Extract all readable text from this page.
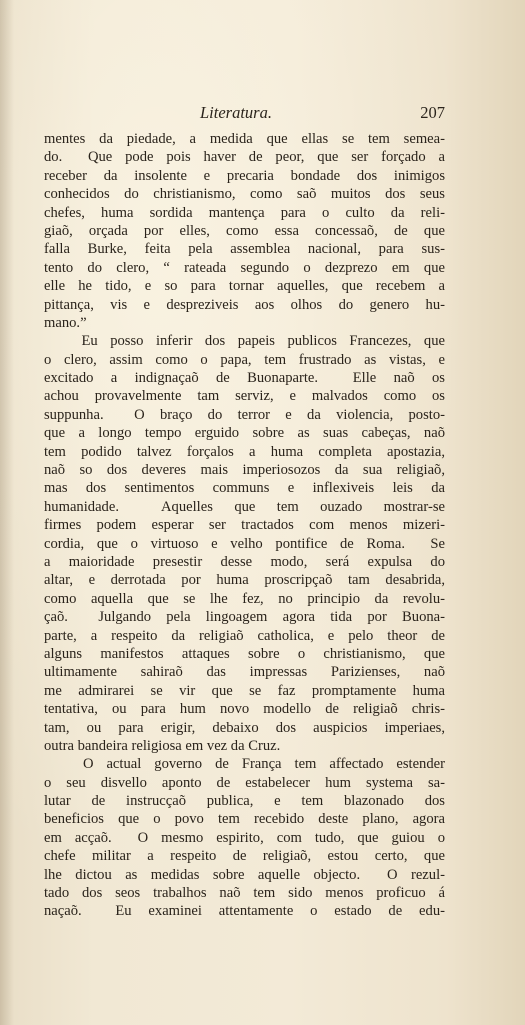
Literatura.	207
mentes da piedade, a medida que ellas se tem semea-
do.  Que pode pois haver de peor, que ser forçado a
receber da insolente e precaria bondade dos inimigos
conhecidos do christianismo, como saõ muitos dos seus
chefes, huma sordida mantença para o culto da reli-
giaõ, orçada por elles, como essa concessaõ, de que
falla Burke, feita pela assemblea nacional, para sus-
tento do clero, “ rateada segundo o dezprezo em que
elle he tido, e so para tornar aquelles, que recebem a
pittança, vis e despreziveis aos olhos do genero hu-
mano.”
Eu posso inferir dos papeis publicos Francezes, que
o clero, assim como o papa, tem frustrado as vistas, e
excitado a indignaçaõ de Buonaparte.  Elle naõ os
achou provavelmente tam serviz, e malvados como os
suppunha.  O braço do terror e da violencia, posto-
que a longo tempo erguido sobre as suas cabeças, naõ
tem podido talvez forçalos a huma completa apostazia,
naõ so dos deveres mais imperiosozos da sua religiaõ,
mas dos sentimentos communs e inflexiveis leis da
humanidade.  Aquelles que tem ouzado mostrar-se
firmes podem esperar ser tractados com menos mizeri-
cordia, que o virtuoso e velho pontifice de Roma.  Se
a maioridade presestir desse modo, será expulsa do
altar, e derrotada por huma proscripçaõ tam desabrida,
como aquella que se lhe fez, no principio da revolu-
çaõ.  Julgando pela lingoagem agora tida por Buona-
parte, a respeito da religiaõ catholica, e pelo theor de
alguns manifestos attaques sobre o christianismo, que
ultimamente sahiraõ das impressas Parizienses, naõ
me admirarei se vir que se faz promptamente huma
tentativa, ou para hum novo modello de religiaõ chris-
tam, ou para erigir, debaixo dos auspicios imperiaes,
outra bandeira religiosa em vez da Cruz.
O actual governo de França tem affectado estender
o seu disvello aponto de estabelecer hum systema sa-
lutar de instrucçaõ publica, e tem blazonado dos
beneficios que o povo tem recebido deste plano, agora
em acçaõ.  O mesmo espirito, com tudo, que guiou o
chefe militar a respeito de religiaõ, estou certo, que
lhe dictou as medidas sobre aquelle objecto.  O rezul-
tado dos seos trabalhos naõ tem sido menos proficuo á
naçaõ.  Eu examinei attentamente o estado de edu-
